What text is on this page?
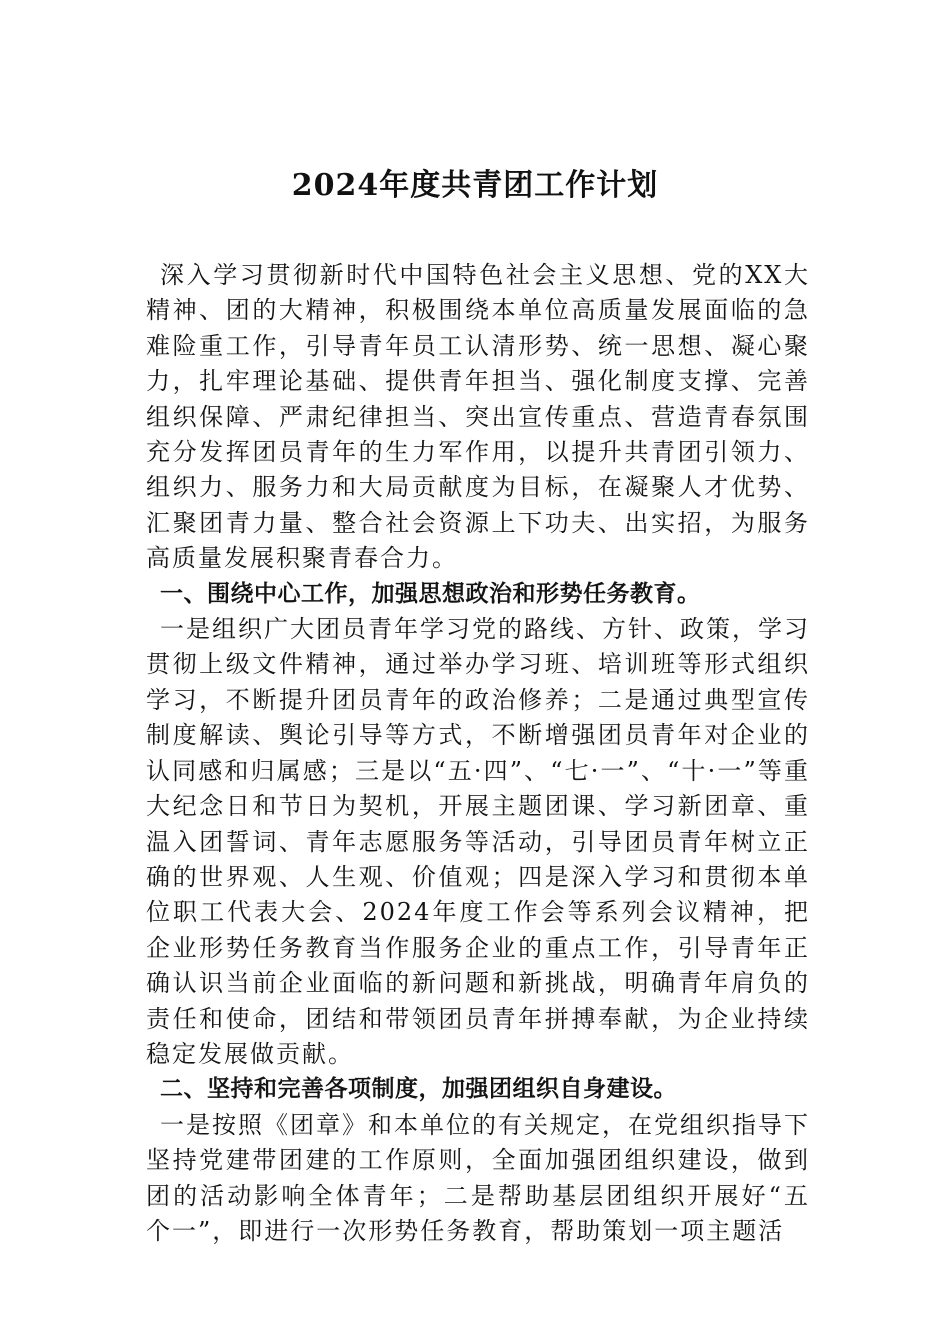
2024年度共青团工作计划

深入学习贯彻新时代中国特色社会主义思想、党的XX大精神、团的大精神，积极围绕本单位高质量发展面临的急难险重工作，引导青年员工认清形势、统一思想、凝心聚力，扎牢理论基础、提供青年担当、强化制度支撑、完善组织保障、严肃纪律担当、突出宣传重点、营造青春氛围充分发挥团员青年的生力军作用，以提升共青团引领力、组织力、服务力和大局贡献度为目标，在凝聚人才优势、汇聚团青力量、整合社会资源上下功夫、出实招，为服务高质量发展积聚青春合力。

一、围绕中心工作，加强思想政治和形势任务教育。

一是组织广大团员青年学习党的路线、方针、政策，学习贯彻上级文件精神，通过举办学习班、培训班等形式组织学习，不断提升团员青年的政治修养；二是通过典型宣传制度解读、舆论引导等方式，不断增强团员青年对企业的认同感和归属感；三是以“五·四”、“七·一”、“十·一”等重大纪念日和节日为契机，开展主题团课、学习新团章、重温入团誓词、青年志愿服务等活动，引导团员青年树立正确的世界观、人生观、价值观；四是深入学习和贯彻本单位职工代表大会、2024年度工作会等系列会议精神，把企业形势任务教育当作服务企业的重点工作，引导青年正确认识当前企业面临的新问题和新挑战，明确青年肩负的责任和使命，团结和带领团员青年拼搏奉献，为企业持续稳定发展做贡献。

二、坚持和完善各项制度，加强团组织自身建设。

一是按照《团章》和本单位的有关规定，在党组织指导下坚持党建带团建的工作原则，全面加强团组织建设，做到团的活动影响全体青年；二是帮助基层团组织开展好“五个一”，即进行一次形势任务教育，帮助策划一项主题活
